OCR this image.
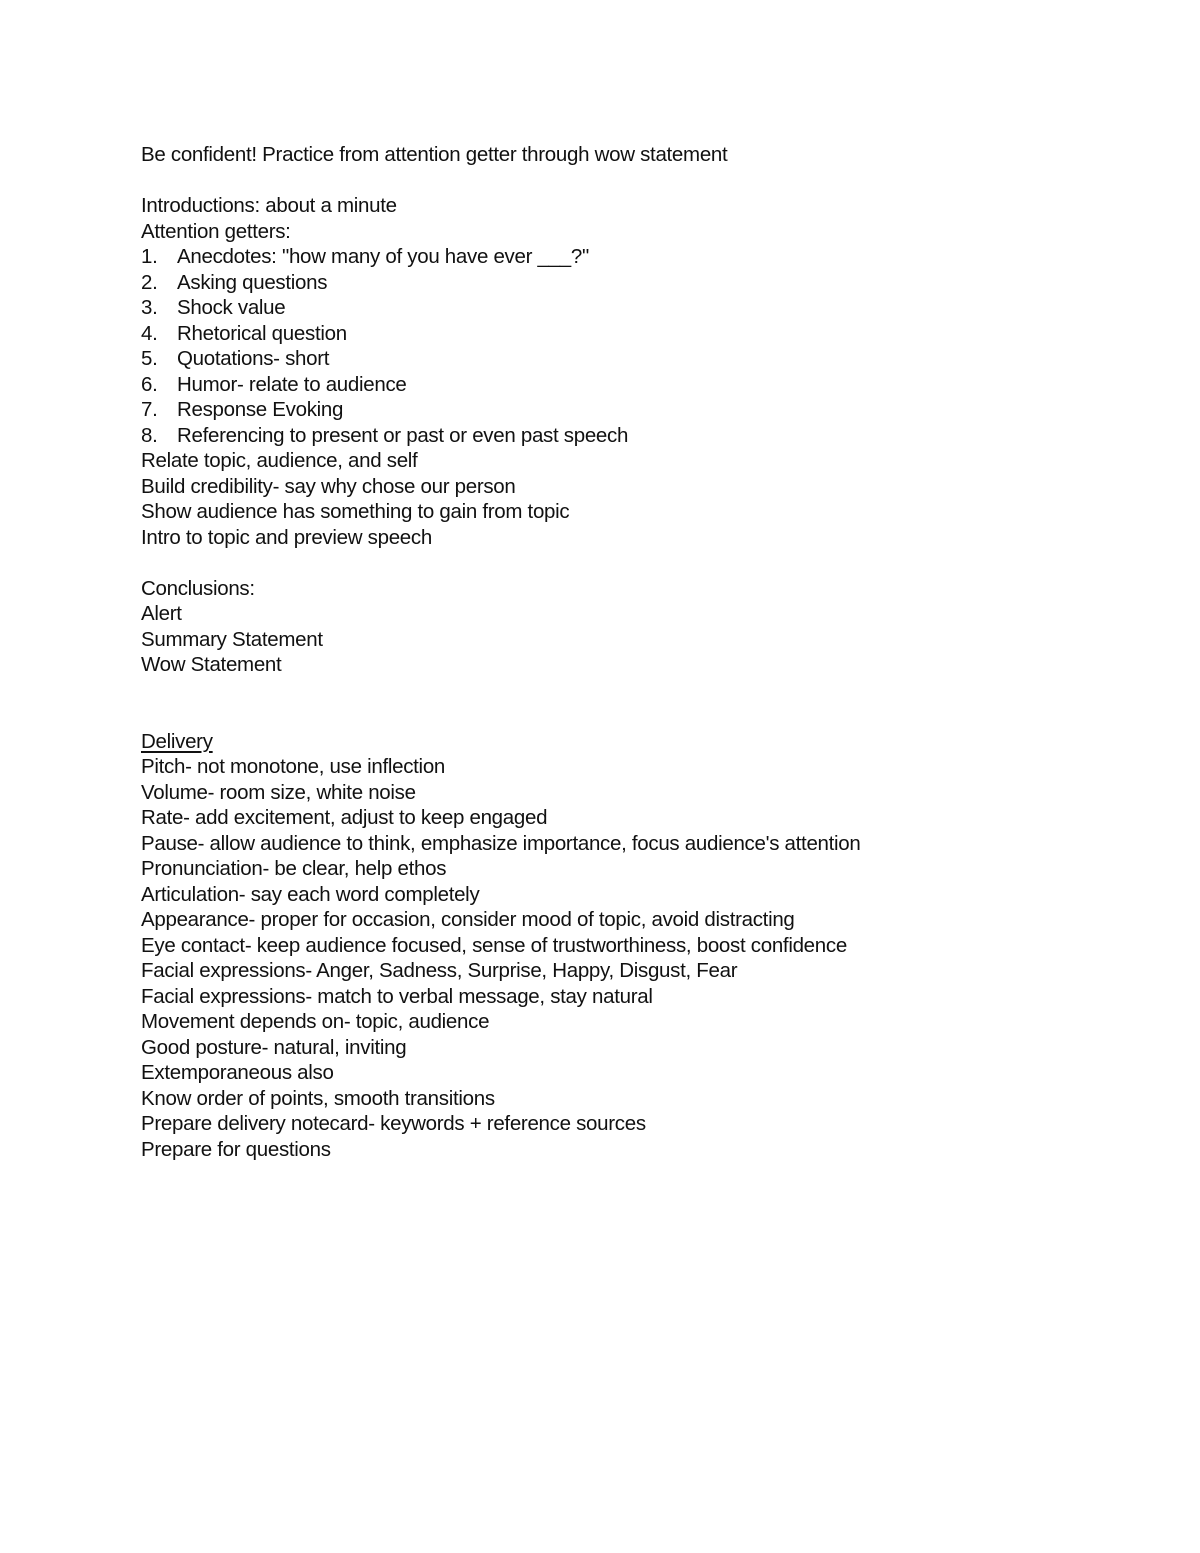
Be confident! Practice from attention getter through wow statement
Introductions: about a minute
Attention getters:
1. Anecdotes: "how many of you have ever ___?"
2. Asking questions
3. Shock value
4. Rhetorical question
5. Quotations- short
6. Humor- relate to audience
7. Response Evoking
8. Referencing to present or past or even past speech
Relate topic, audience, and self
Build credibility- say why chose our person
Show audience has something to gain from topic
Intro to topic and preview speech
Conclusions:
Alert
Summary Statement
Wow Statement
Delivery
Pitch- not monotone, use inflection
Volume- room size, white noise
Rate- add excitement, adjust to keep engaged
Pause- allow audience to think, emphasize importance, focus audience's attention
Pronunciation- be clear, help ethos
Articulation- say each word completely
Appearance- proper for occasion, consider mood of topic, avoid distracting
Eye contact- keep audience focused, sense of trustworthiness, boost confidence
Facial expressions- Anger, Sadness, Surprise, Happy, Disgust, Fear
Facial expressions- match to verbal message, stay natural
Movement depends on- topic, audience
Good posture- natural, inviting
Extemporaneous also
Know order of points, smooth transitions
Prepare delivery notecard- keywords + reference sources
Prepare for questions
